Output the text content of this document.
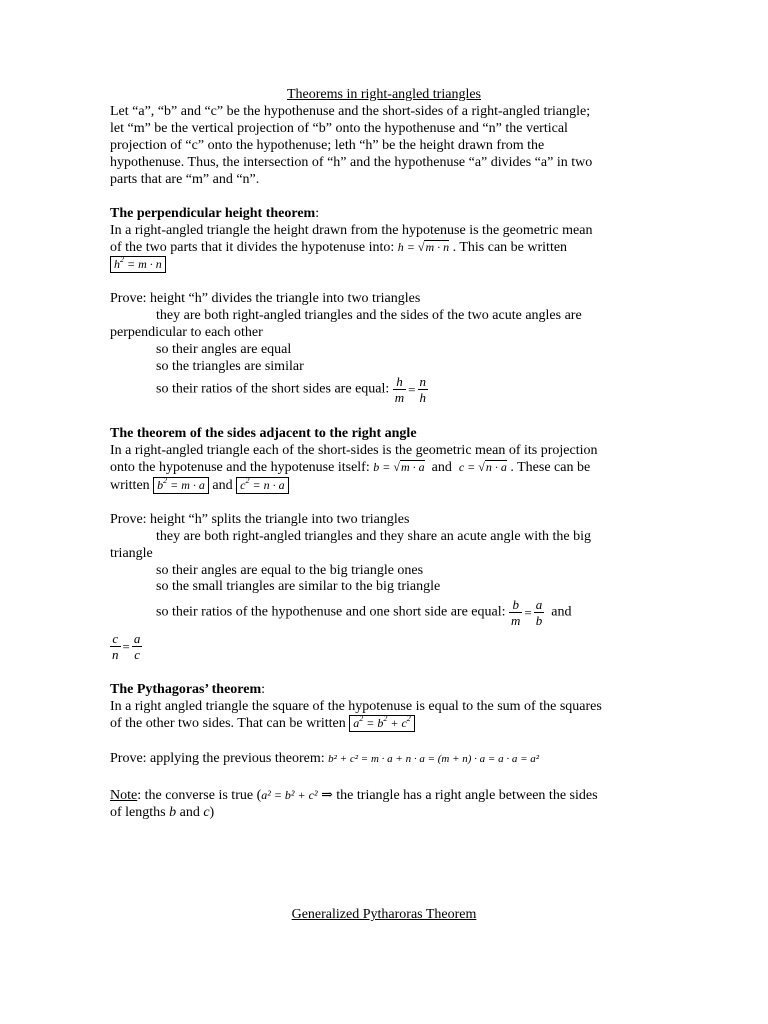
Theorems in right-angled triangles
Let “a”, “b” and “c” be the hypothenuse and the short-sides of a right-angled triangle;
let “m” be the vertical projection of “b” onto the hypothenuse and “n” the vertical
projection of “c” onto the hypothenuse; leth “h” be the height drawn from the
hypothenuse. Thus, the intersection of “h” and the hypothenuse “a” divides “a” in two
parts that are “m” and “n”.
The perpendicular height theorem:
In a right-angled triangle the height drawn from the hypotenuse is the geometric mean
of the two parts that it divides the hypotenuse into: h = √m · n . This can be written
$h^2 = m \cdot n$
Prove: height “h” divides the triangle into two triangles
they are both right-angled triangles and the sides of the two acute angles are
perpendicular to each other
so their angles are equal
so the triangles are similar
so their ratios of the short sides are equal: $\frac{h}{m} = \frac{n}{h}$
The theorem of the sides adjacent to the right angle
In a right-angled triangle each of the short-sides is the geometric mean of its projection
onto the hypotenuse and the hypotenuse itself: b = √m · a and c = √n · a . These can be
written $b^2 = m \cdot a$ and $c^2 = n \cdot a$
Prove: height “h” splits the triangle into two triangles
they are both right-angled triangles and they share an acute angle with the big
triangle
so their angles are equal to the big triangle ones
so the small triangles are similar to the big triangle
so their ratios of the hypothenuse and one short side are equal: $\frac{b}{m} = \frac{a}{b}$ and
$\frac{c}{n} = \frac{a}{c}$
The Pythagoras’ theorem:
In a right angled triangle the square of the hypotenuse is equal to the sum of the squares
of the other two sides. That can be written $a^2 = b^2 + c^2$
Prove: applying the previous theorem: b² + c² = m · a + n · a = (m + n) · a = a · a = a²
Note: the converse is true (a² = b² + c² ⇒ the triangle has a right angle between the sides
of lengths b and c)
Generalized Pytharoras Theorem
